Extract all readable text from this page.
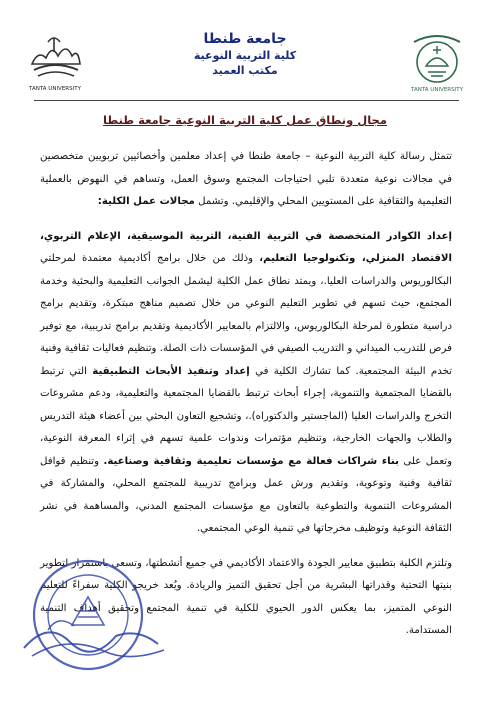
TANTA UNIVERSITY
جامعة طنطا
كلية التربية النوعية
مكتب العميد
TANTA UNIVERSITY
مجال ونطاق عمل كلية التربية النوعية جامعة طنطا

تتمثل رسالة كلية التربية النوعية – جامعة طنطا في إعداد معلمين وأخصائيين تربويين متخصصين في مجالات نوعية متعددة تلبي احتياجات المجتمع وسوق العمل، وتساهم في النهوض بالعملية التعليمية والثقافية على المستويين المحلي والإقليمي. وتشمل مجالات عمل الكلية:

إعداد الكوادر المتخصصة في التربية الفنية، التربية الموسيقية، الإعلام التربوي، الاقتصاد المنزلي، وتكنولوجيا التعليم، وذلك من خلال برامج أكاديمية معتمدة لمرحلتي البكالوريوس والدراسات العليا.، ويمتد نطاق عمل الكلية ليشمل الجوانب التعليمية والبحثية وخدمة المجتمع، حيث تسهم في تطوير التعليم النوعي من خلال تصميم مناهج مبتكرة، وتقديم برامج دراسية متطورة لمرحلة البكالوريوس، والالتزام بالمعايير الأكاديمية وتقديم برامج تدريبية، مع توفير فرص للتدريب الميداني و التدريب الصيفي في المؤسسات ذات الصلة. وتنظيم فعاليات ثقافية وفنية تخدم البيئة المجتمعية. كما تشارك الكلية في إعداد وتنفيذ الأبحاث التطبيقية التي ترتبط بالقضايا المجتمعية والتنموية، إجراء أبحاث ترتبط بالقضايا المجتمعية والتعليمية، ودعم مشروعات التخرج والدراسات العليا (الماجستير والدكتوراه).، وتشجيع التعاون البحثي بين أعضاء هيئة التدريس والطلاب والجهات الخارجية، وتنظيم مؤتمرات وندوات علمية تسهم في إثراء المعرفة النوعية، وتعمل على بناء شراكات فعالة مع مؤسسات تعليمية وثقافية وصناعية. وتنظيم قوافل ثقافية وفنية وتوعوية، وتقديم ورش عمل وبرامج تدريبية للمجتمع المحلي، والمشاركة في المشروعات التنموية والتطوعية بالتعاون مع مؤسسات المجتمع المدني، والمساهمة في نشر الثقافة النوعية وتوظيف مخرجاتها في تنمية الوعي المجتمعي.

وتلتزم الكلية بتطبيق معايير الجودة والاعتماد الأكاديمي في جميع أنشطتها، وتسعى باستمرار لتطوير بنيتها التحتية وقدراتها البشرية من أجل تحقيق التميز والريادة. ويُعد خريجو الكلية سفراءً للتعليم النوعي المتميز، بما يعكس الدور الحيوي للكلية في تنمية المجتمع وتحقيق أهداف التنمية المستدامة.
